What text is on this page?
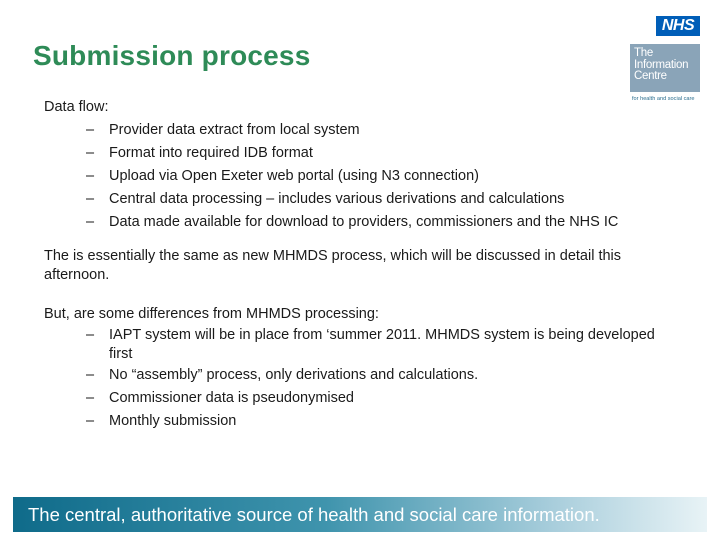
Submission process
NHS
The
Information
Centre
for health and social care

Data flow:

– Provider data extract from local system
– Format into required IDB format
– Upload via Open Exeter web portal (using N3 connection)
– Central data processing – includes various derivations and calculations
– Data made available for download to providers, commissioners and the NHS IC

The is essentially the same as new MHMDS process, which will be discussed in detail this afternoon.

But, are some differences from MHMDS processing:

– IAPT system will be in place from ‘summer 2011. MHMDS system is being developed first
– No “assembly” process, only derivations and calculations.
– Commissioner data is pseudonymised
– Monthly submission
The central, authoritative source of health and social care information.
